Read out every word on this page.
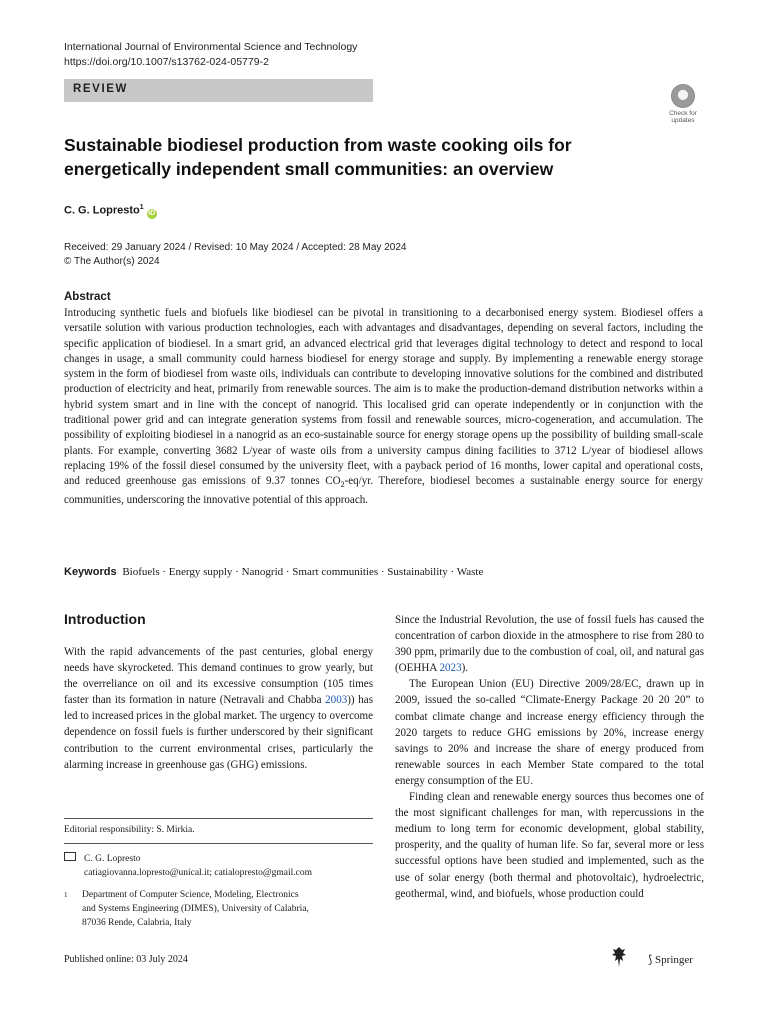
International Journal of Environmental Science and Technology
https://doi.org/10.1007/s13762-024-05779-2
REVIEW
Check for
updates
Sustainable biodiesel production from waste cooking oils for energetically independent small communities: an overview
C. G. Lopresto$^1$iD
Received: 29 January 2024 / Revised: 10 May 2024 / Accepted: 28 May 2024
© The Author(s) 2024
Abstract

Introducing synthetic fuels and biofuels like biodiesel can be pivotal in transitioning to a decarbonised energy system. Biodiesel offers a versatile solution with various production technologies, each with advantages and disadvantages, depending on several factors, including the specific application of biodiesel. In a smart grid, an advanced electrical grid that leverages digital technology to detect and respond to local changes in usage, a small community could harness biodiesel for energy storage and supply. By implementing a renewable energy storage system in the form of biodiesel from waste oils, individuals can contribute to developing innovative solutions for the combined and distributed production of electricity and heat, primarily from renewable sources. The aim is to make the production-demand distribution networks within a hybrid system smart and in line with the concept of nanogrid. This localised grid can operate independently or in conjunction with the traditional power grid and can integrate generation systems from fossil and renewable sources, micro-cogeneration, and accumulation. The possibility of exploiting biodiesel in a nanogrid as an eco-sustainable source for energy storage opens up the possibility of building small-scale plants. For example, converting 3682 L/year of waste oils from a university campus dining facilities to 3712 L/year of biodiesel allows replacing 19% of the fossil diesel consumed by the university fleet, with a payback period of 16 months, lower capital and operational costs, and reduced greenhouse gas emissions of 9.37 tonnes $CO_2-eq/yr$. Therefore, biodiesel becomes a sustainable energy source for energy communities, underscoring the innovative potential of this approach.

Keywords Biofuels · Energy supply · Nanogrid · Smart communities · Sustainability · Waste
Introduction

With the rapid advancements of the past centuries, global energy needs have skyrocketed. This demand continues to grow yearly, but the overreliance on oil and its excessive consumption (105 times faster than its formation in nature (Netravali and Chabba 2003)) has led to increased prices in the global market. The urgency to overcome dependence on fossil fuels is further underscored by their significant contribution to the current environmental crises, particularly the alarming increase in greenhouse gas (GHG) emissions.

Since the Industrial Revolution, the use of fossil fuels has caused the concentration of carbon dioxide in the atmosphere to rise from 280 to 390 ppm, primarily due to the combustion of coal, oil, and natural gas (OEHHA 2023).

The European Union (EU) Directive 2009/28/EC, drawn up in 2009, issued the so-called “Climate-Energy Package 20 20 20” to combat climate change and increase energy efficiency through the 2020 targets to reduce GHG emissions by 20%, increase energy savings to 20% and increase the share of energy produced from renewable sources in each Member State compared to the total energy consumption of the EU.

Finding clean and renewable energy sources thus becomes one of the most significant challenges for man, with repercussions in the medium to long term for economic development, global stability, prosperity, and the quality of human life. So far, several more or less successful options have been studied and implemented, such as the use of solar energy (both thermal and photovoltaic), hydroelectric, geothermal, wind, and biofuels, whose production could

Editorial responsibility: S. Mirkia.
C. G. Lopresto
catiagiovanna.lopresto@unical.it; catialopresto@gmail.com
1 Department of Computer Science, Modeling, Electronics
and Systems Engineering (DIMES), University of Calabria,
87036 Rende, Calabria, Italy
Published online: 03 July 2024	⟆ Springer
